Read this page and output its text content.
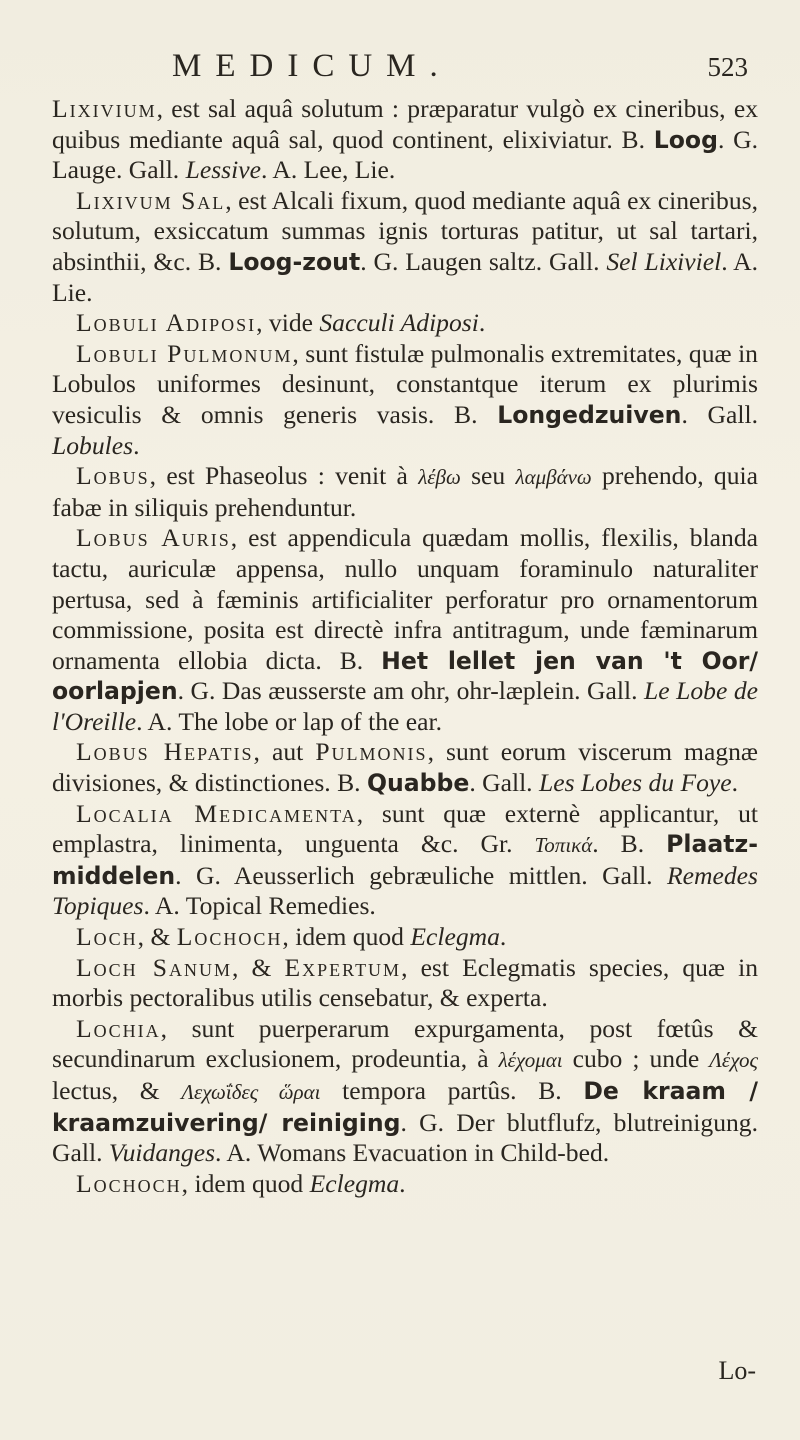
MEDICUM.	523

Lixivium, est sal aquâ solutum : præparatur vulgò ex cineribus, ex quibus mediante aquâ sal, quod continent, elixiviatur. B. Loog. G. Lauge. Gall. Lessive. A. Lee, Lie.

Lixivum Sal, est Alcali fixum, quod mediante aquâ ex cineribus, solutum, exsiccatum summas ignis torturas patitur, ut sal tartari, absinthii, &c. B. Loog-zout. G. Laugen saltz. Gall. Sel Lixiviel. A. Lie.

Lobuli Adiposi, vide Sacculi Adiposi.

Lobuli Pulmonum, sunt fistulæ pulmonalis extremitates, quæ in Lobulos uniformes desinunt, constantque iterum ex plurimis vesiculis & omnis generis vasis. B. Longedzuiven. Gall. Lobules.

Lobus, est Phaseolus : venit à λέβω seu λαμβάνω prehendo, quia fabæ in siliquis prehenduntur.

Lobus Auris, est appendicula quædam mollis, flexilis, blanda tactu, auriculæ appensa, nullo unquam foraminulo naturaliter pertusa, sed à fæminis artificialiter perforatur pro ornamentorum commissione, posita est directè infra antitragum, unde fæminarum ornamenta ellobia dicta. B. Het lellet jen van 't Oor/ oorlapjen. G. Das æusserste am ohr, ohr-læplein. Gall. Le Lobe de l'Oreille. A. The lobe or lap of the ear.

Lobus Hepatis, aut Pulmonis, sunt eorum viscerum magnæ divisiones, & distinctiones. B. Quabbe. Gall. Les Lobes du Foye.

Localia Medicamenta, sunt quæ externè applicantur, ut emplastra, linimenta, unguenta &c. Gr. Τοπικά. B. Plaatz-middelen. G. Aeusserlich gebræuliche mittlen. Gall. Remedes Topiques. A. Topical Remedies.

Loch, & Lochoch, idem quod Eclegma.

Loch Sanum, & Expertum, est Eclegmatis species, quæ in morbis pectoralibus utilis censebatur, & experta.

Lochia, sunt puerperarum expurgamenta, post fœtûs & secundinarum exclusionem, prodeuntia, à λέχομαι cubo ; unde Λέχος lectus, & Λεχωΐδες ὥραι tempora partûs. B. De kraam / kraamzuivering/ reiniging. G. Der blutflufz, blutreinigung. Gall. Vuidanges. A. Womans Evacuation in Child-bed.

Lochoch, idem quod Eclegma.

Lo-
